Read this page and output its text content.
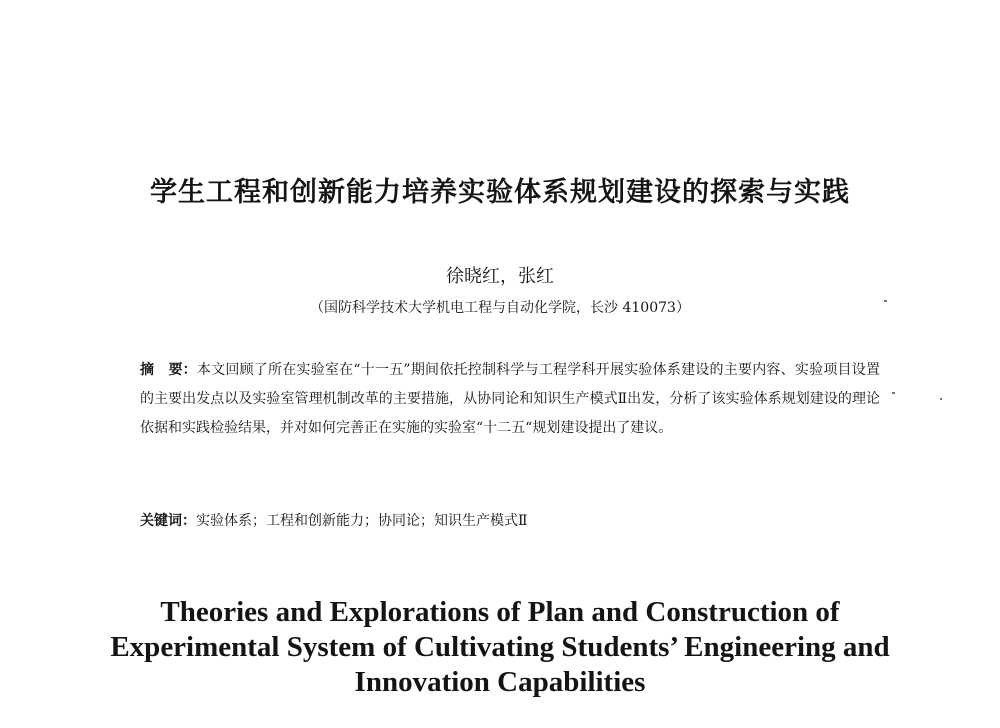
学生工程和创新能力培养实验体系规划建设的探索与实践
徐晓红，张红
（国防科学技术大学机电工程与自动化学院，长沙 410073）
摘　要：本文回顾了所在实验室在“十一五”期间依托控制科学与工程学科开展实验体系建设的主要内容、实验项目设置的主要出发点以及实验室管理机制改革的主要措施，从协同论和知识生产模式Ⅱ出发，分析了该实验体系规划建设的理论依据和实践检验结果，并对如何完善正在实施的实验室“十二五“规划建设提出了建议。
关键词：实验体系；工程和创新能力；协同论；知识生产模式Ⅱ
Theories and Explorations of Plan and Construction of
Experimental System of Cultivating Students’ Engineering and
Innovation Capabilities
